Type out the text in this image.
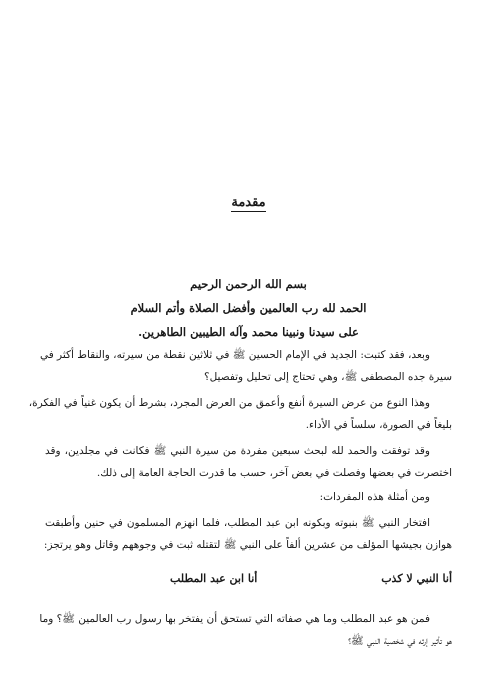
مقدمة
بسم الله الرحمن الرحيم
الحمد لله رب العالمين وأفضل الصلاة وأتم السلام
على سيدنا ونبينا محمد وآله الطيبين الطاهرين.
وبعد، فقد كتبت: الجديد في الإمام الحسين ﷺ في ثلاثين نقطة من سيرته، والنقاط أكثر في
سيرة جده المصطفى ﷺ، وهي تحتاج إلى تحليل وتفصيل؟
وهذا النوع من عرض السيرة أنفع وأعمق من العرض المجرد، بشرط أن يكون غنياً في الفكرة،
بليغاً في الصورة، سلساً في الأداء.
وقد توفقت والحمد لله لبحث سبعين مفردة من سيرة النبي ﷺ فكانت في مجلدين، وقد
اختصرت في بعضها وفصلت في بعض آخر، حسب ما قدرت الحاجة العامة إلى ذلك.
ومن أمثلة هذه المفردات:
افتخار النبي ﷺ بنبوته وبكونه ابن عبد المطلب، فلما انهزم المسلمون في حنين وأطبقت
هوازن بجيشها المؤلف من عشرين ألفاً على النبي ﷺ لتقتله ثبت في وجوههم وقاتل وهو يرتجز:
أنا النبي لا كذب
أنا ابن عبد المطلب
فمن هو عبد المطلب وما هي صفاته التي تستحق أن يفتخر بها رسول رب العالمين ﷺ؟ وما
هو تأثير إرثه في شخصية النبي ﷺ؟
